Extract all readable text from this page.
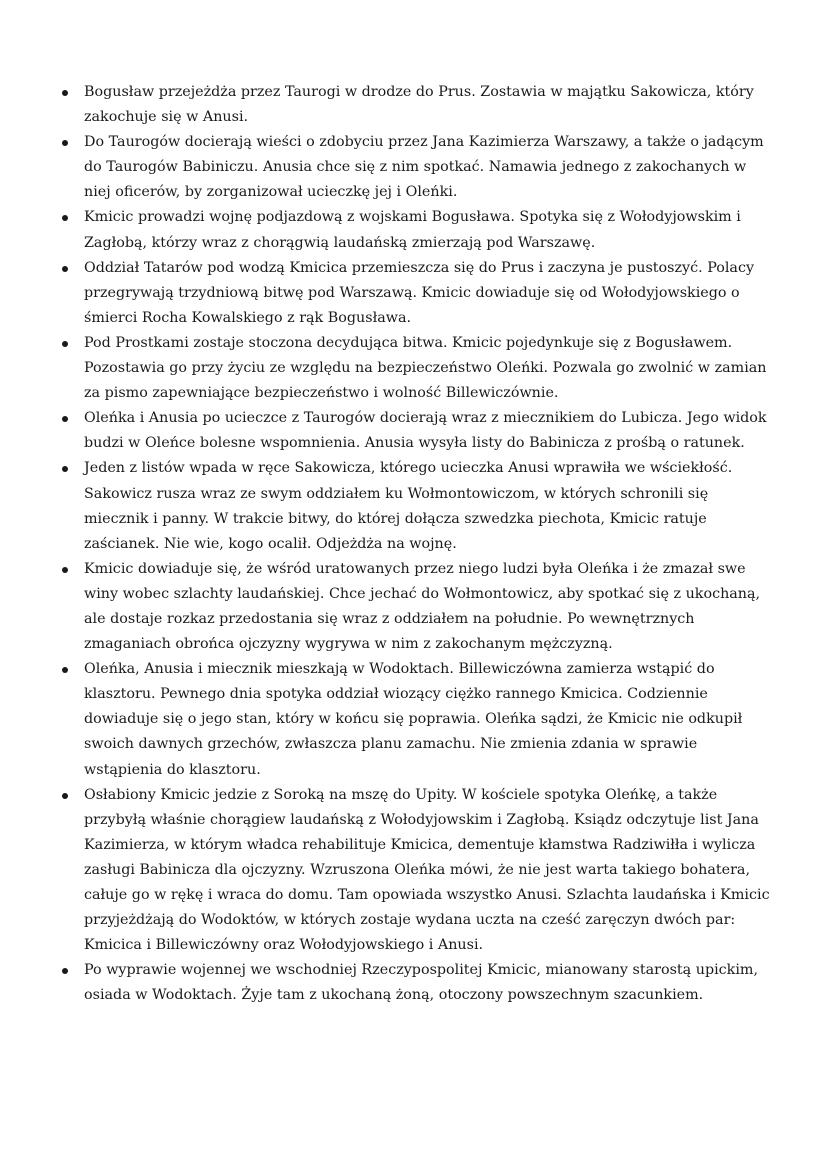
Bogusław przejeżdża przez Taurogi w drodze do Prus. Zostawia w majątku Sakowicza, który zakochuje się w Anusi.
Do Taurogów docierają wieści o zdobyciu przez Jana Kazimierza Warszawy, a także o jadącym do Taurogów Babiniczu. Anusia chce się z nim spotkać. Namawia jednego z zakochanych w niej oficerów, by zorganizował ucieczkę jej i Oleńki.
Kmicic prowadzi wojnę podjazdową z wojskami Bogusława. Spotyka się z Wołodyjowskim i Zagłobą, którzy wraz z chorągwią laudańską zmierzają pod Warszawę.
Oddział Tatarów pod wodzą Kmicica przemieszcza się do Prus i zaczyna je pustoszyć. Polacy przegrywają trzydniową bitwę pod Warszawą. Kmicic dowiaduje się od Wołodyjowskiego o śmierci Rocha Kowalskiego z rąk Bogusława.
Pod Prostkami zostaje stoczona decydująca bitwa. Kmicic pojedynkuje się z Bogusławem. Pozostawia go przy życiu ze względu na bezpieczeństwo Oleńki. Pozwala go zwolnić w zamian za pismo zapewniające bezpieczeństwo i wolność Billewiczównie.
Oleńka i Anusia po ucieczce z Taurogów docierają wraz z miecznikiem do Lubicza. Jego widok budzi w Oleńce bolesne wspomnienia. Anusia wysyła listy do Babinicza z prośbą o ratunek.
Jeden z listów wpada w ręce Sakowicza, którego ucieczka Anusi wprawiła we wściekłość. Sakowicz rusza wraz ze swym oddziałem ku Wołmontowiczom, w których schronili się miecznik i panny. W trakcie bitwy, do której dołącza szwedzka piechota, Kmicic ratuje zaścianek. Nie wie, kogo ocalił. Odjeżdża na wojnę.
Kmicic dowiaduje się, że wśród uratowanych przez niego ludzi była Oleńka i że zmazał swe winy wobec szlachty laudańskiej. Chce jechać do Wołmontowicz, aby spotkać się z ukochaną, ale dostaje rozkaz przedostania się wraz z oddziałem na południe. Po wewnętrznych zmaganiach obrońca ojczyzny wygrywa w nim z zakochanym mężczyzną.
Oleńka, Anusia i miecznik mieszkają w Wodoktach. Billewiczówna zamierza wstąpić do klasztoru. Pewnego dnia spotyka oddział wiozący ciężko rannego Kmicica. Codziennie dowiaduje się o jego stan, który w końcu się poprawia. Oleńka sądzi, że Kmicic nie odkupił swoich dawnych grzechów, zwłaszcza planu zamachu. Nie zmienia zdania w sprawie wstąpienia do klasztoru.
Osłabiony Kmicic jedzie z Soroką na mszę do Upity. W kościele spotyka Oleńkę, a także przybyłą właśnie chorągiew laudańską z Wołodyjowskim i Zagłobą. Ksiądz odczytuje list Jana Kazimierza, w którym władca rehabilituje Kmicica, dementuje kłamstwa Radziwiłła i wylicza zasługi Babinicza dla ojczyzny. Wzruszona Oleńka mówi, że nie jest warta takiego bohatera, całuje go w rękę i wraca do domu. Tam opowiada wszystko Anusi. Szlachta laudańska i Kmicic przyjeżdżają do Wodoktów, w których zostaje wydana uczta na cześć zaręczyn dwóch par: Kmicica i Billewiczówny oraz Wołodyjowskiego i Anusi.
Po wyprawie wojennej we wschodniej Rzeczypospolitej Kmicic, mianowany starostą upickim, osiada w Wodoktach. Żyje tam z ukochaną żoną, otoczony powszechnym szacunkiem.
